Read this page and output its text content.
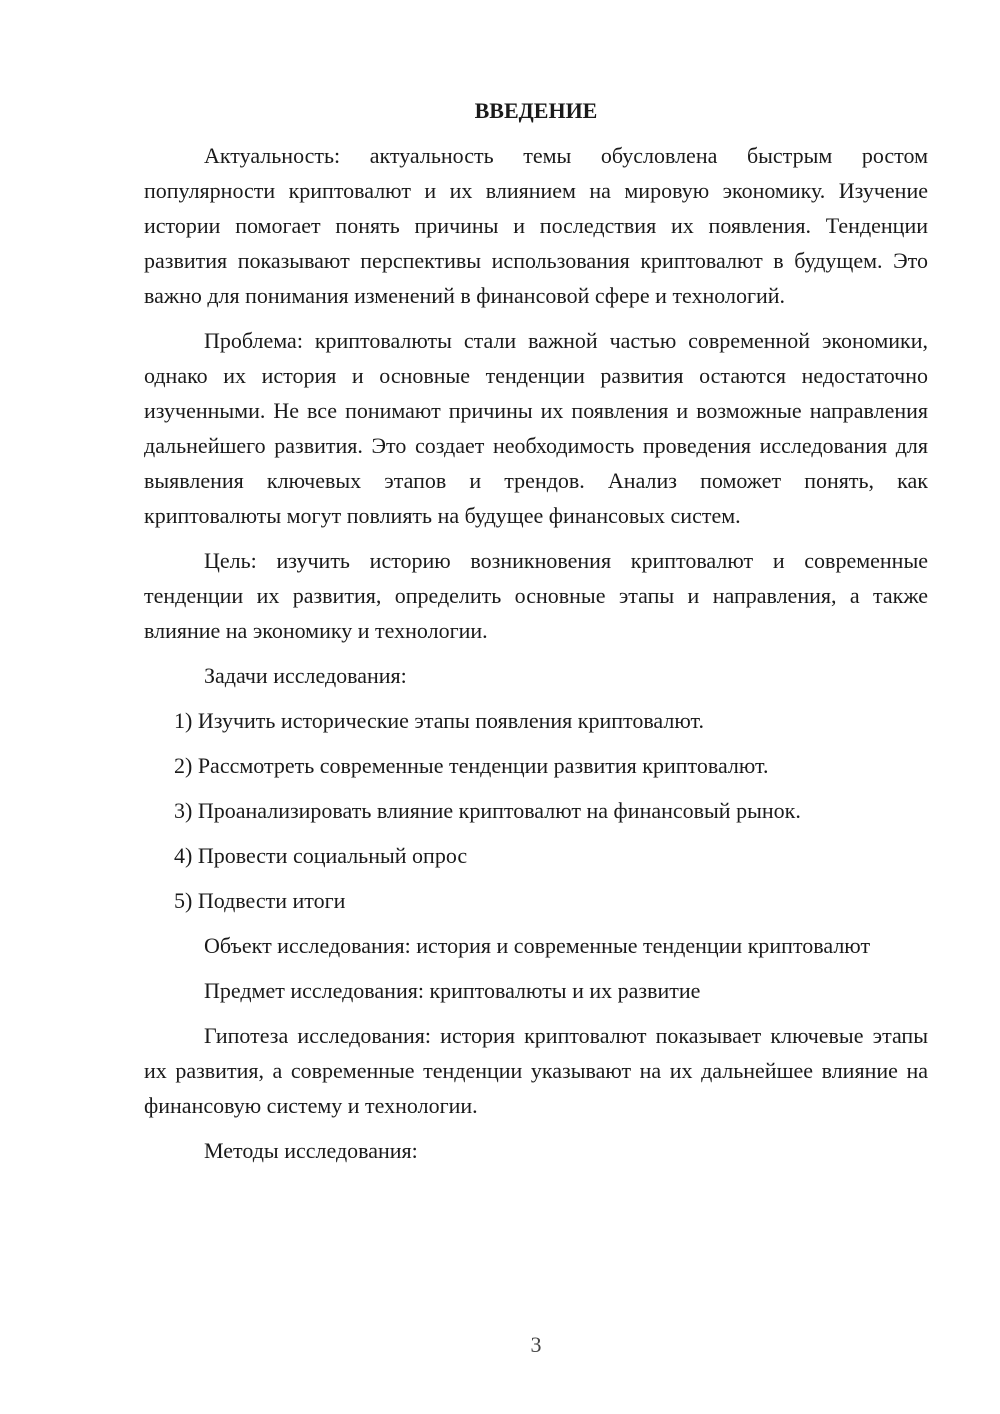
ВВЕДЕНИЕ

Актуальность: актуальность темы обусловлена быстрым ростом популярности криптовалют и их влиянием на мировую экономику. Изучение истории помогает понять причины и последствия их появления. Тенденции развития показывают перспективы использования криптовалют в будущем. Это важно для понимания изменений в финансовой сфере и технологий.

Проблема: криптовалюты стали важной частью современной экономики, однако их история и основные тенденции развития остаются недостаточно изученными. Не все понимают причины их появления и возможные направления дальнейшего развития. Это создает необходимость проведения исследования для выявления ключевых этапов и трендов. Анализ поможет понять, как криптовалюты могут повлиять на будущее финансовых систем.

Цель: изучить историю возникновения криптовалют и современные тенденции их развития, определить основные этапы и направления, а также влияние на экономику и технологии.

Задачи исследования:

1) Изучить исторические этапы появления криптовалют.
2) Рассмотреть современные тенденции развития криптовалют.
3) Проанализировать влияние криптовалют на финансовый рынок.
4) Провести социальный опрос
5) Подвести итоги

Объект исследования: история и современные тенденции криптовалют

Предмет исследования: криптовалюты и их развитие

Гипотеза исследования: история криптовалют показывает ключевые этапы их развития, а современные тенденции указывают на их дальнейшее влияние на финансовую систему и технологии.

Методы исследования:

3
